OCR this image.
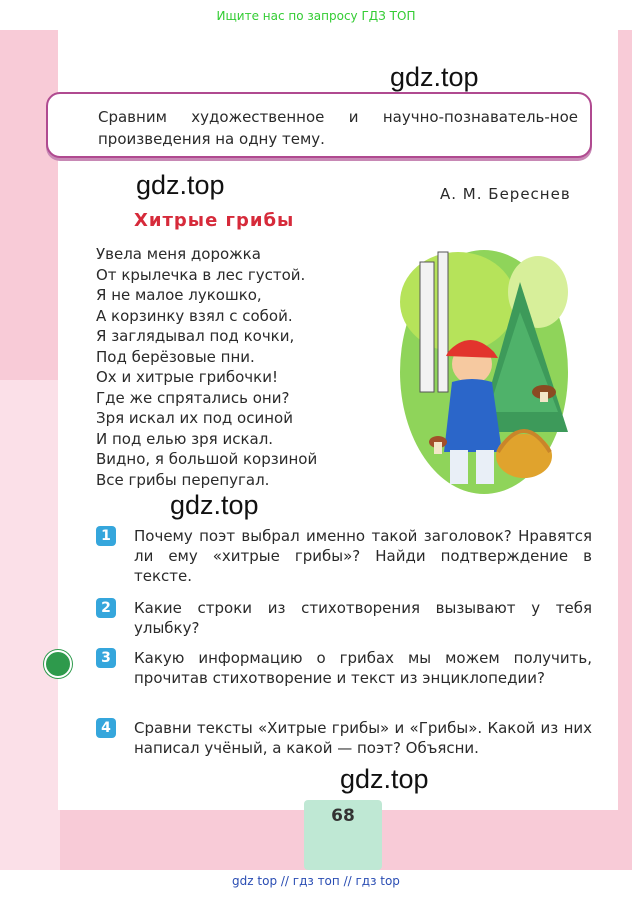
Ищите нас по запросу ГДЗ ТОП
Сравним художественное и научно-познаватель-ное произведения на одну тему.
gdz.top
gdz.top
gdz.top
gdz.top
А. М. Береснев
Хитрые грибы
Увела меня дорожка
От крылечка в лес густой.
Я не малое лукошко,
А корзинку взял с собой.
Я заглядывал под кочки,
Под берёзовые пни.
Ох и хитрые грибочки!
Где же спрятались они?
Зря искал их под осиной
И под елью зря искал.
Видно, я большой корзиной
Все грибы перепугал.
1	Почему поэт выбрал именно такой заголовок? Нравятся ли ему «хитрые грибы»? Найди подтверждение в тексте.
2	Какие строки из стихотворения вызывают у тебя улыбку?
3	Какую информацию о грибах мы можем получить, прочитав стихотворение и текст из энциклопедии?
4	Сравни тексты «Хитрые грибы» и «Грибы». Какой из них написал учёный, а какой — поэт? Объясни.
68
gdz top // гдз топ // гдз top
